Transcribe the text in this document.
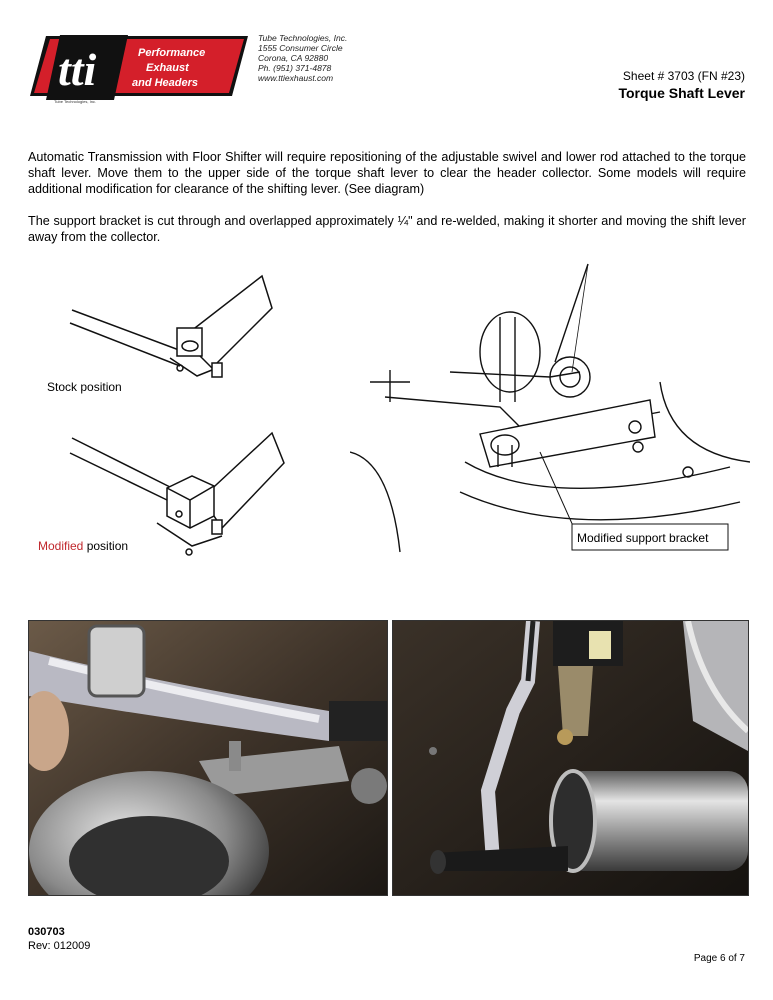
tti	Performance
Exhaust
and Headers
Tube Technologies, Inc.
Tube Technologies, Inc.
1555 Consumer Circle
Corona, CA 92880
Ph. (951) 371-4878
www.ttiexhaust.com	Sheet # 3703 (FN #23)
Torque Shaft Lever
Automatic Transmission with Floor Shifter will require repositioning of the adjustable swivel and lower rod attached to the torque shaft lever. Move them to the upper side of the torque shaft lever to clear the header collector. Some models will require additional modification for clearance of the shifting lever. (See diagram)
The support bracket is cut through and overlapped approximately ¼" and re-welded, making it shorter and moving the shift lever away from the collector.
Stock position
Modified position
Modified support bracket
030703
Rev: 012009
Page 6 of 7
